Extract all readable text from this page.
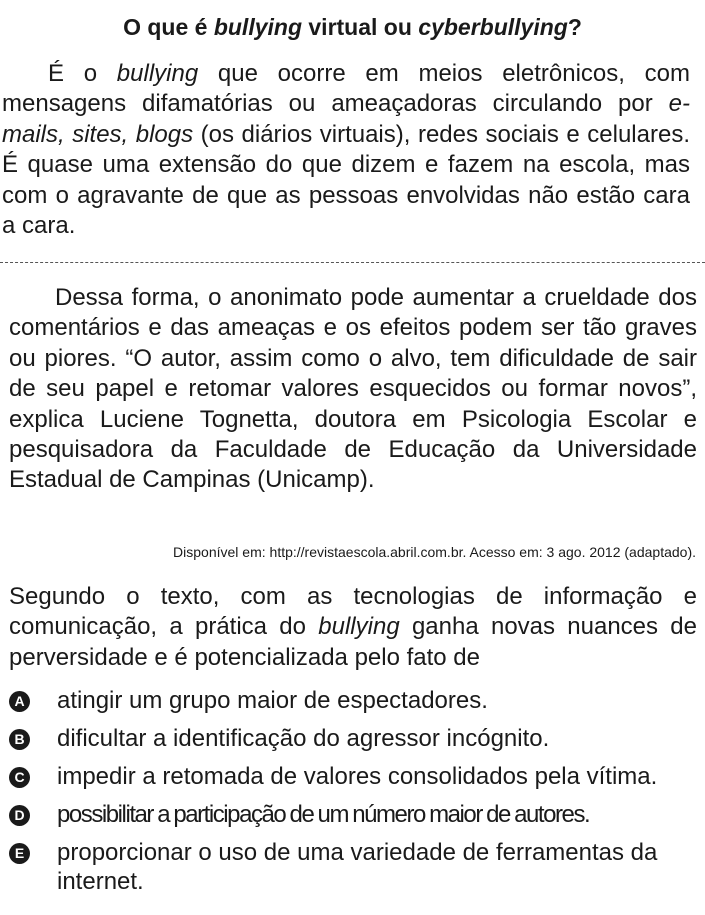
O que é bullying virtual ou cyberbullying?

É o bullying que ocorre em meios eletrônicos, com mensagens difamatórias ou ameaçadoras circulando por e-mails, sites, blogs (os diários virtuais), redes sociais e celulares. É quase uma extensão do que dizem e fazem na escola, mas com o agravante de que as pessoas envolvidas não estão cara a cara.

Dessa forma, o anonimato pode aumentar a crueldade dos comentários e das ameaças e os efeitos podem ser tão graves ou piores. “O autor, assim como o alvo, tem dificuldade de sair de seu papel e retomar valores esquecidos ou formar novos”, explica Luciene Tognetta, doutora em Psicologia Escolar e pesquisadora da Faculdade de Educação da Universidade Estadual de Campinas (Unicamp).

Disponível em: http://revistaescola.abril.com.br. Acesso em: 3 ago. 2012 (adaptado).

Segundo o texto, com as tecnologias de informação e comunicação, a prática do bullying ganha novas nuances de perversidade e é potencializada pelo fato de

A atingir um grupo maior de espectadores.
B dificultar a identificação do agressor incógnito.
C impedir a retomada de valores consolidados pela vítima.
D possibilitar a participação de um número maior de autores.
E proporcionar o uso de uma variedade de ferramentas da internet.
